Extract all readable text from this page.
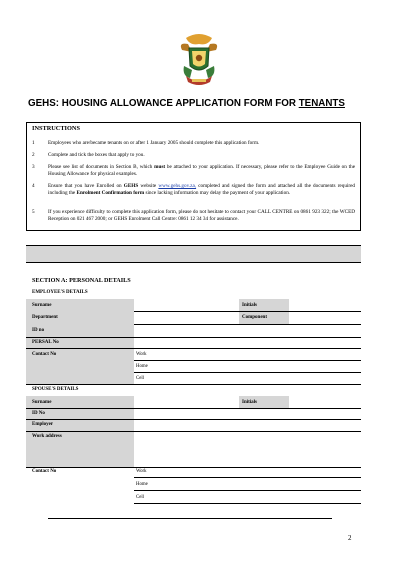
GEHS: HOUSING ALLOWANCE APPLICATION FORM FOR TENANTS
INSTRUCTIONS
1	Employees who are/became tenants on or after 1 January 2005 should complete this application form.
2	Complete and tick the boxes that apply to you.
3	Please see list of documents in Section B, which must be attached to your application. If necessary, please refer to the Employee Guide on the Housing Allowance for physical examples.
4	Ensure that you have Enrolled on GEHS website www.gehs.gov.za, completed and signed the form and attached all the documents required including the Enrolment Confirmation form since lacking information may delay the payment of your application.
5	If you experience difficulty to complete this application form, please do not hesitate to contact your CALL CENTRE on 0861 923 322; the WCED Reception on 021 467 2000; or GEHS Enrolment Call Centre: 0861 12 34 34 for assistance.
SECTION A: PERSONAL DETAILS
EMPLOYEE'S DETAILS
Surname	Initials
Department	Component
ID no
PERSAL No
Contact No	Work
Home
Cell
SPOUSE'S DETAILS
Surname	Initials
ID No
Employer
Work address
Contact No	Work
Home
Cell
2
